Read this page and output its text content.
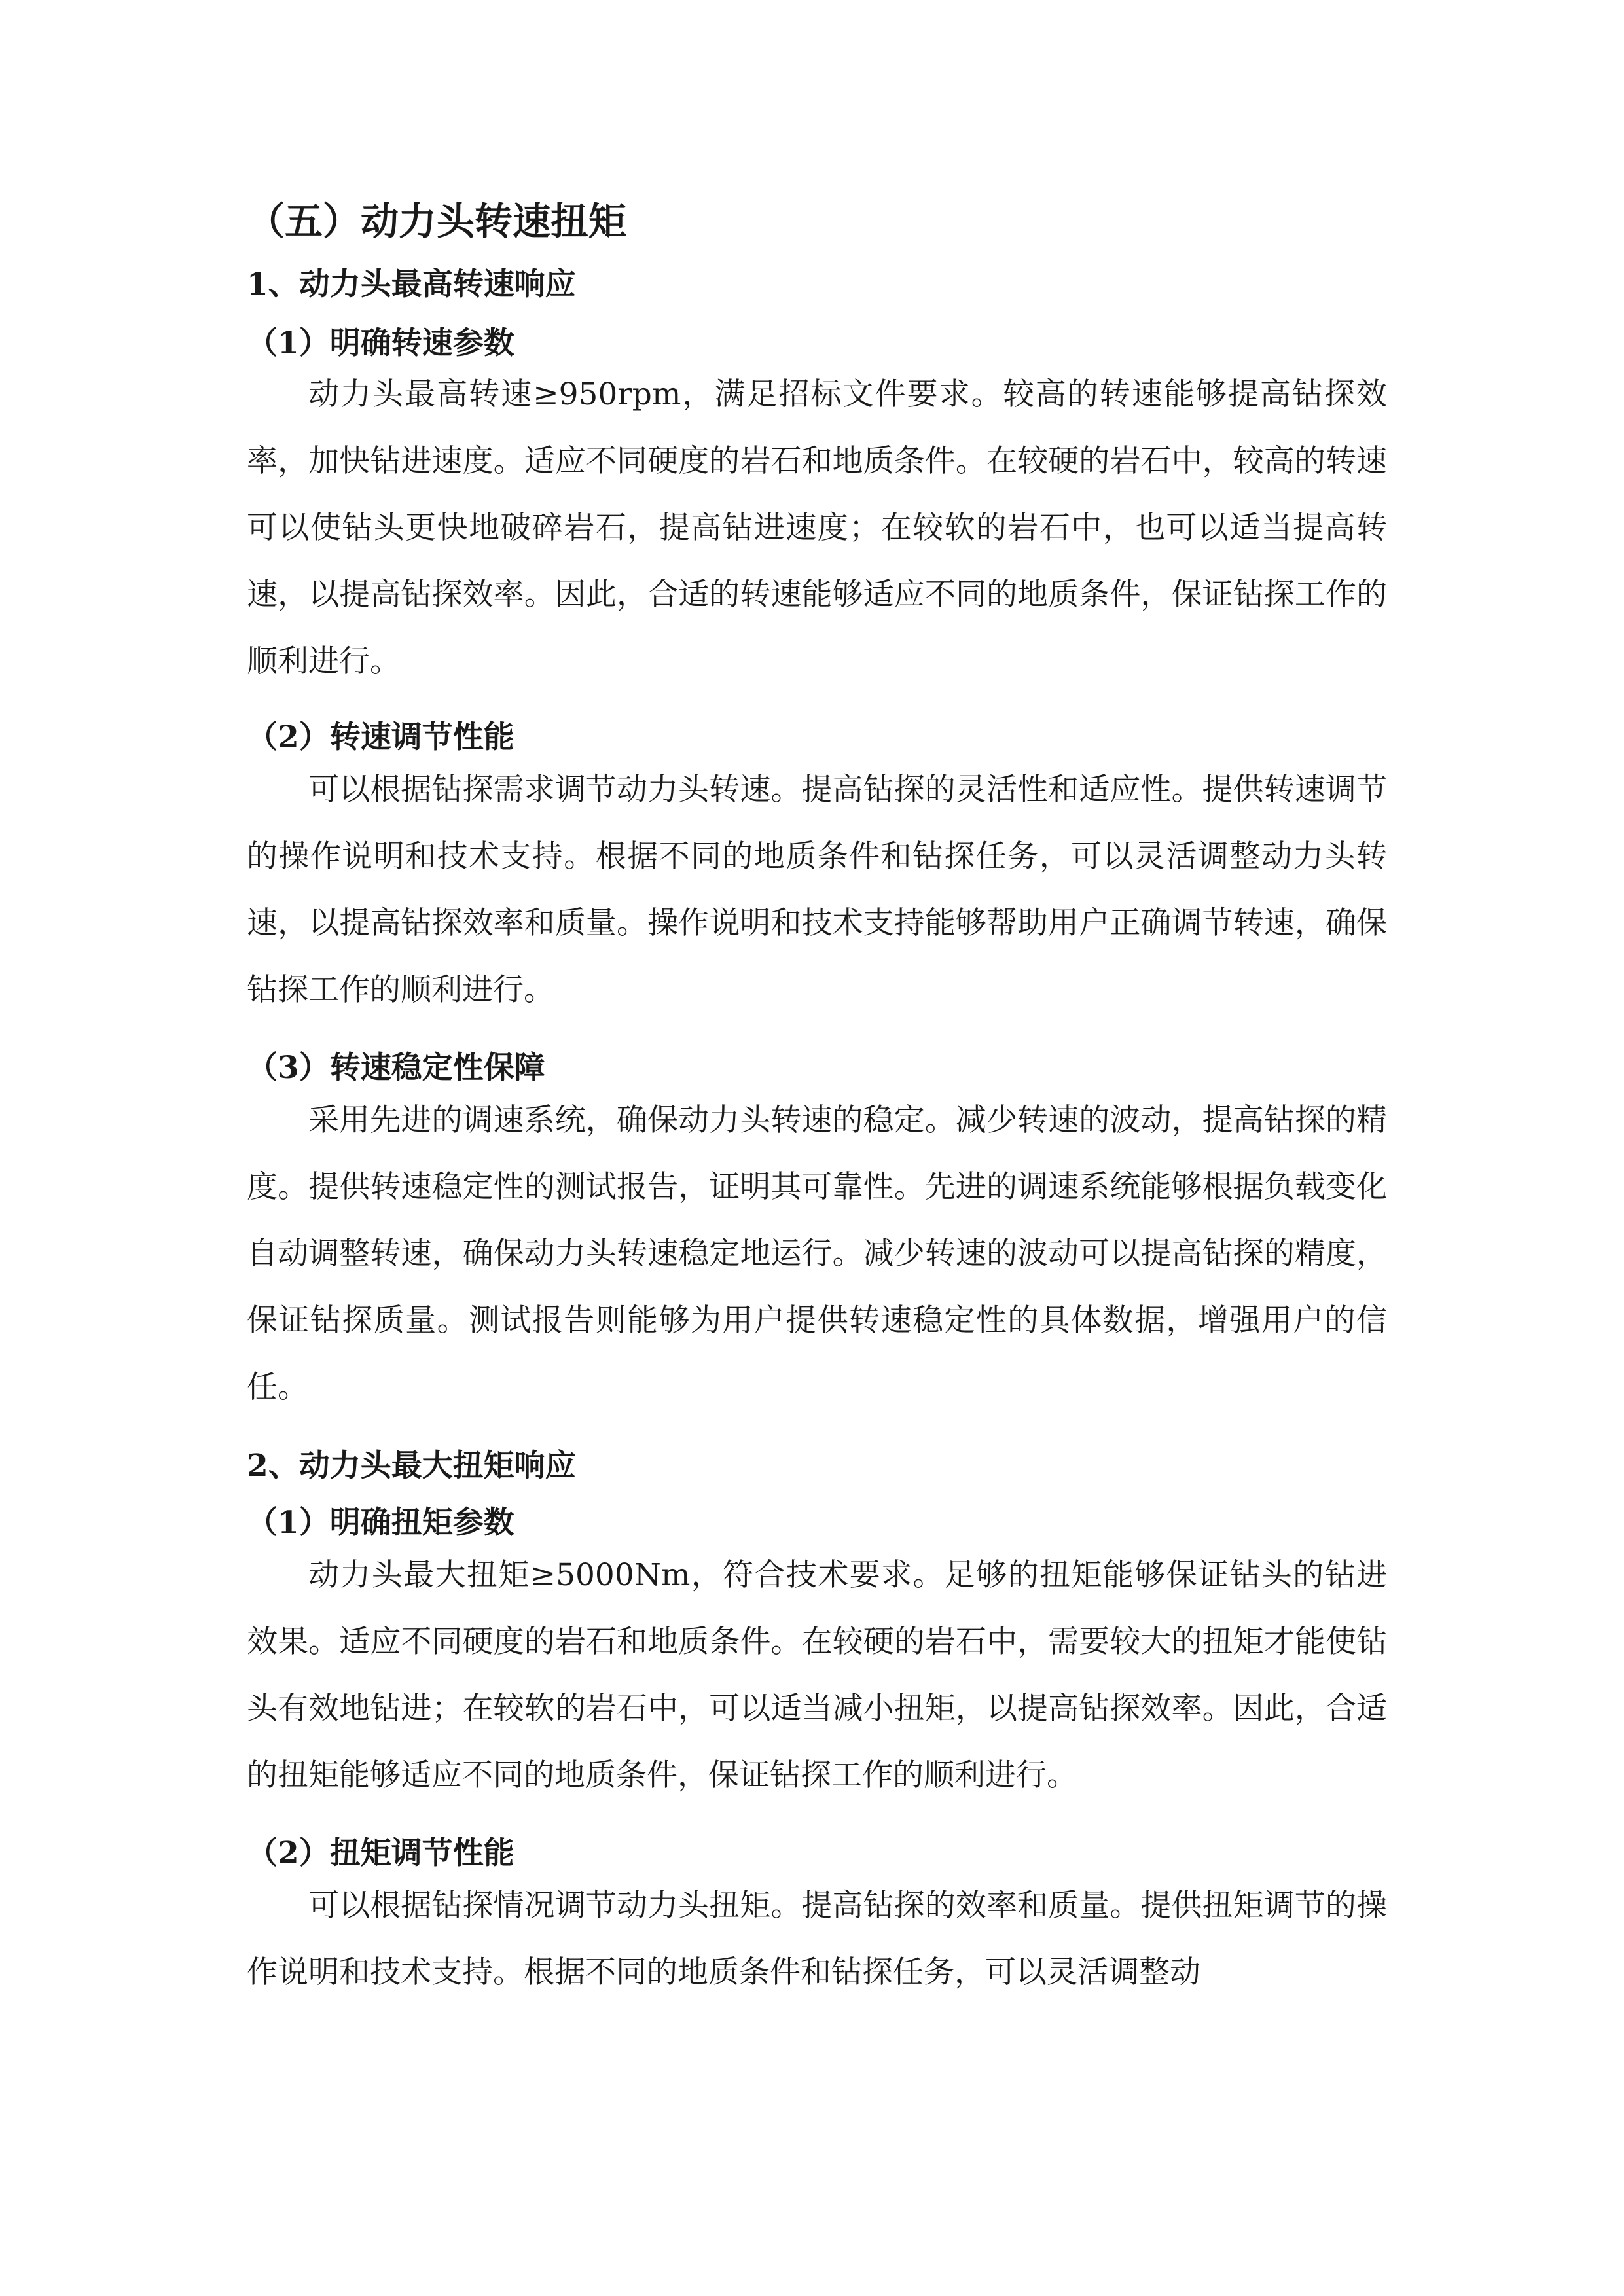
（五）动力头转速扭矩
1、动力头最高转速响应
（1）明确转速参数

动力头最高转速≥950rpm，满足招标文件要求。较高的转速能够提高钻探效率，加快钻进速度。适应不同硬度的岩石和地质条件。在较硬的岩石中，较高的转速可以使钻头更快地破碎岩石，提高钻进速度；在较软的岩石中，也可以适当提高转速，以提高钻探效率。因此，合适的转速能够适应不同的地质条件，保证钻探工作的顺利进行。

（2）转速调节性能

可以根据钻探需求调节动力头转速。提高钻探的灵活性和适应性。提供转速调节的操作说明和技术支持。根据不同的地质条件和钻探任务，可以灵活调整动力头转速，以提高钻探效率和质量。操作说明和技术支持能够帮助用户正确调节转速，确保钻探工作的顺利进行。

（3）转速稳定性保障

采用先进的调速系统，确保动力头转速的稳定。减少转速的波动，提高钻探的精度。提供转速稳定性的测试报告，证明其可靠性。先进的调速系统能够根据负载变化自动调整转速，确保动力头转速稳定地运行。减少转速的波动可以提高钻探的精度，保证钻探质量。测试报告则能够为用户提供转速稳定性的具体数据，增强用户的信任。

2、动力头最大扭矩响应
（1）明确扭矩参数

动力头最大扭矩≥5000Nm，符合技术要求。足够的扭矩能够保证钻头的钻进效果。适应不同硬度的岩石和地质条件。在较硬的岩石中，需要较大的扭矩才能使钻头有效地钻进；在较软的岩石中，可以适当减小扭矩，以提高钻探效率。因此，合适的扭矩能够适应不同的地质条件，保证钻探工作的顺利进行。

（2）扭矩调节性能

可以根据钻探情况调节动力头扭矩。提高钻探的效率和质量。提供扭矩调节的操作说明和技术支持。根据不同的地质条件和钻探任务，可以灵活调整动
